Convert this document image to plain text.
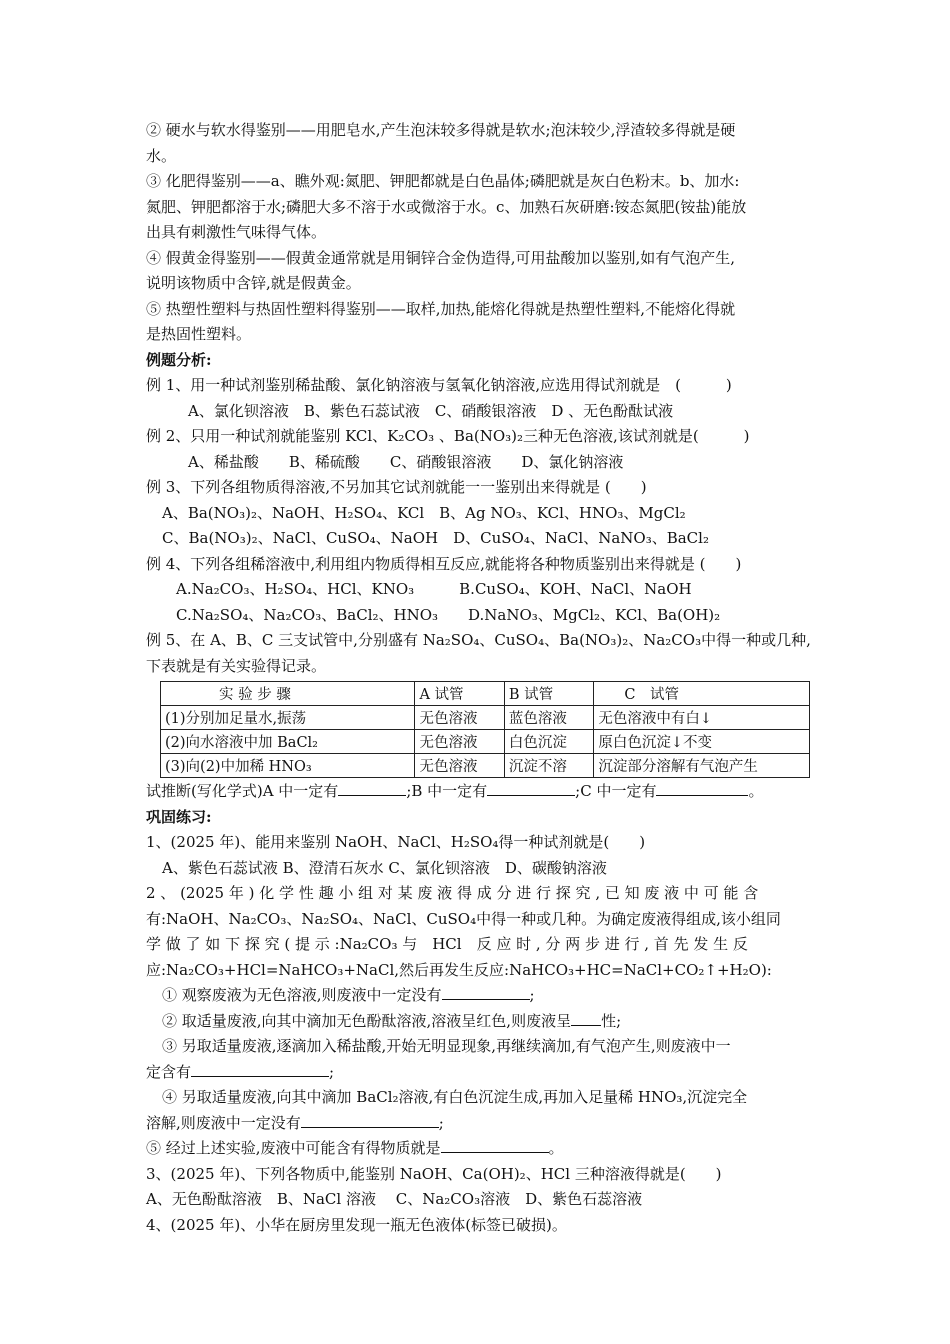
② 硬水与软水得鉴别——用肥皂水,产生泡沫较多得就是软水;泡沫较少,浮渣较多得就是硬
水。
③ 化肥得鉴别——a、瞧外观:氮肥、钾肥都就是白色晶体;磷肥就是灰白色粉末。b、加水:
氮肥、钾肥都溶于水;磷肥大多不溶于水或微溶于水。c、加熟石灰研磨:铵态氮肥(铵盐)能放
出具有刺激性气味得气体。
④ 假黄金得鉴别——假黄金通常就是用铜锌合金伪造得,可用盐酸加以鉴别,如有气泡产生,
说明该物质中含锌,就是假黄金。
⑤ 热塑性塑料与热固性塑料得鉴别——取样,加热,能熔化得就是热塑性塑料,不能熔化得就
是热固性塑料。
例题分析:
例 1、用一种试剂鉴别稀盐酸、氯化钠溶液与氢氧化钠溶液,应选用得试剂就是　(　　　)
A、氯化钡溶液　B、紫色石蕊试液　C、硝酸银溶液　D 、无色酚酞试液
例 2、只用一种试剂就能鉴别 KCl、K₂CO₃ 、Ba(NO₃)₂三种无色溶液,该试剂就是(　　　)
A、稀盐酸　　B、稀硫酸　　C、硝酸银溶液　　D、氯化钠溶液
例 3、下列各组物质得溶液,不另加其它试剂就能一一鉴别出来得就是 (　　)
A、Ba(NO₃)₂、NaOH、H₂SO₄、KCl　B、Ag NO₃、KCl、HNO₃、MgCl₂
C、Ba(NO₃)₂、NaCl、CuSO₄、NaOH　D、CuSO₄、NaCl、NaNO₃、BaCl₂
例 4、下列各组稀溶液中,利用组内物质得相互反应,就能将各种物质鉴别出来得就是 (　　)
A.Na₂CO₃、H₂SO₄、HCl、KNO₃　　　B.CuSO₄、KOH、NaCl、NaOH
C.Na₂SO₄、Na₂CO₃、BaCl₂、HNO₃　　D.NaNO₃、MgCl₂、KCl、Ba(OH)₂
例 5、在 A、B、C 三支试管中,分别盛有 Na₂SO₄、CuSO₄、Ba(NO₃)₂、Na₂CO₃中得一种或几种,
下表就是有关实验得记录。
实 验 步 骤	A 试管	B 试管	C　试管
(1)分别加足量水,振荡	无色溶液	蓝色溶液	无色溶液中有白↓
(2)向水溶液中加 BaCl₂	无色溶液	白色沉淀	原白色沉淀↓不变
(3)向(2)中加稀 HNO₃	无色溶液	沉淀不溶	沉淀部分溶解有气泡产生
试推断(写化学式)A 中一定有	;B 中一定有	;C 中一定有	。
巩固练习:
1、(2025 年)、能用来鉴别 NaOH、NaCl、H₂SO₄得一种试剂就是(　　)
A、紫色石蕊试液 B、澄清石灰水 C、氯化钡溶液　D、碳酸钠溶液
2 、 (2025 年 ) 化 学 性 趣 小 组 对 某 废 液 得 成 分 进 行 探 究 , 已 知 废 液 中 可 能 含
有:NaOH、Na₂CO₃、Na₂SO₄、NaCl、CuSO₄中得一种或几种。为确定废液得组成,该小组同
学 做 了 如 下 探 究 ( 提 示 :Na₂CO₃ 与　HCl　反 应 时 , 分 两 步 进 行 , 首 先 发 生 反
应:Na₂CO₃+HCl=NaHCO₃+NaCl,然后再发生反应:NaHCO₃+HC=NaCl+CO₂↑+H₂O):
① 观察废液为无色溶液,则废液中一定没有	;
② 取适量废液,向其中滴加无色酚酞溶液,溶液呈红色,则废液呈 性;
③ 另取适量废液,逐滴加入稀盐酸,开始无明显现象,再继续滴加,有气泡产生,则废液中一
定含有	;
④ 另取适量废液,向其中滴加 BaCl₂溶液,有白色沉淀生成,再加入足量稀 HNO₃,沉淀完全
溶解,则废液中一定没有	;
⑤ 经过上述实验,废液中可能含有得物质就是	。
3、(2025 年)、下列各物质中,能鉴别 NaOH、Ca(OH)₂、HCl 三种溶液得就是(　　)
A、无色酚酞溶液　B、NaCl 溶液　 C、Na₂CO₃溶液　D、紫色石蕊溶液
4、(2025 年)、小华在厨房里发现一瓶无色液体(标签已破损)。
